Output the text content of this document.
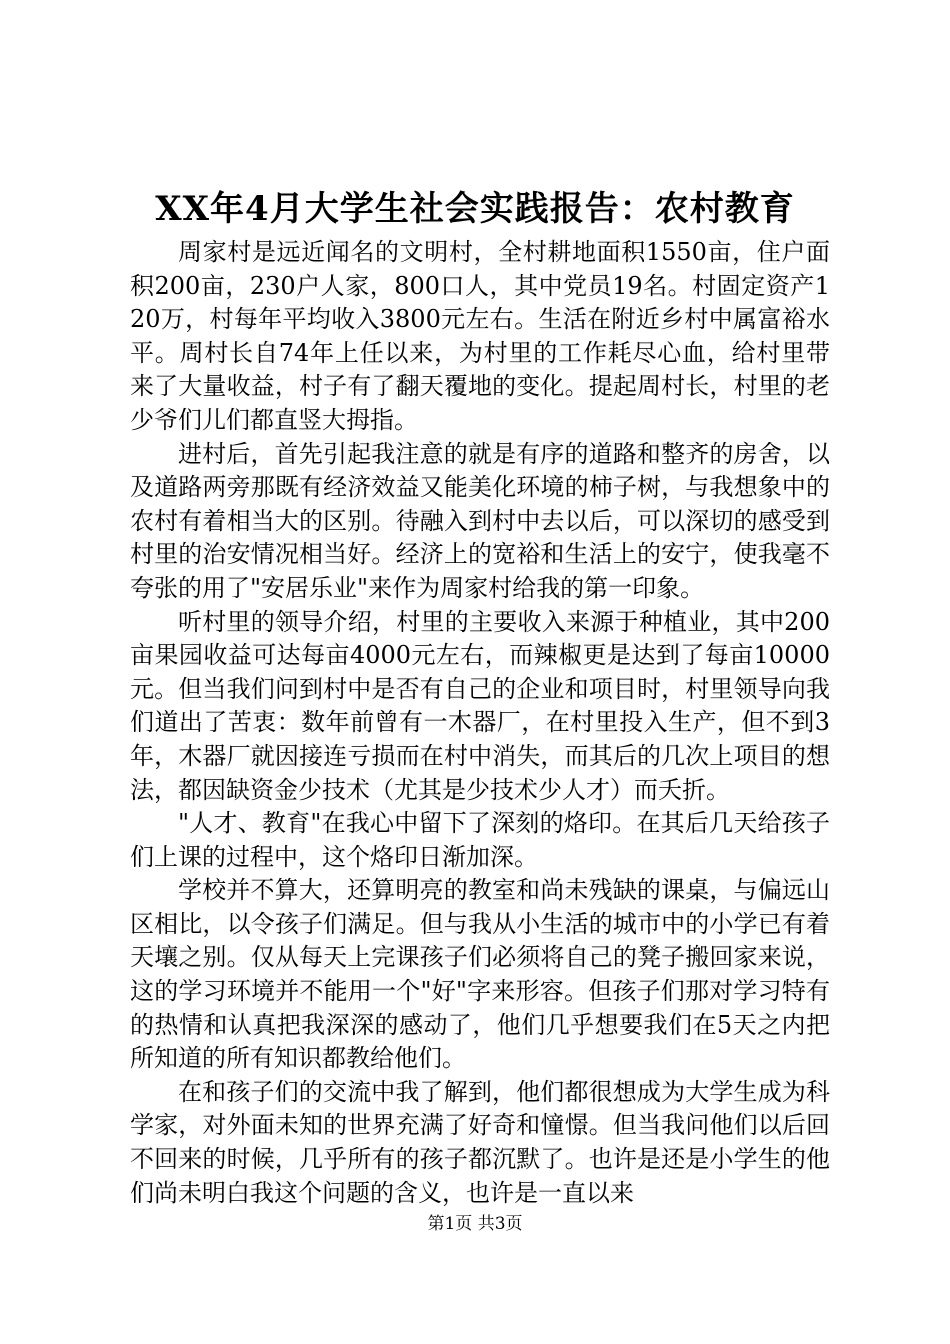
XX年4月大学生社会实践报告：农村教育

周家村是远近闻名的文明村，全村耕地面积1550亩，住户面积200亩，230户人家，800口人，其中党员19名。村固定资产120万，村每年平均收入3800元左右。生活在附近乡村中属富裕水平。周村长自74年上任以来，为村里的工作耗尽心血，给村里带来了大量收益，村子有了翻天覆地的变化。提起周村长，村里的老少爷们儿们都直竖大拇指。

进村后，首先引起我注意的就是有序的道路和整齐的房舍，以及道路两旁那既有经济效益又能美化环境的柿子树，与我想象中的农村有着相当大的区别。待融入到村中去以后，可以深切的感受到村里的治安情况相当好。经济上的宽裕和生活上的安宁，使我毫不夸张的用了"安居乐业"来作为周家村给我的第一印象。

听村里的领导介绍，村里的主要收入来源于种植业，其中200亩果园收益可达每亩4000元左右，而辣椒更是达到了每亩10000元。但当我们问到村中是否有自己的企业和项目时，村里领导向我们道出了苦衷：数年前曾有一木器厂，在村里投入生产，但不到3年，木器厂就因接连亏损而在村中消失，而其后的几次上项目的想法，都因缺资金少技术（尤其是少技术少人才）而夭折。

"人才、教育"在我心中留下了深刻的烙印。在其后几天给孩子们上课的过程中，这个烙印日渐加深。

学校并不算大，还算明亮的教室和尚未残缺的课桌，与偏远山区相比，以令孩子们满足。但与我从小生活的城市中的小学已有着天壤之别。仅从每天上完课孩子们必须将自己的凳子搬回家来说，这的学习环境并不能用一个"好"字来形容。但孩子们那对学习特有的热情和认真把我深深的感动了，他们几乎想要我们在5天之内把所知道的所有知识都教给他们。

在和孩子们的交流中我了解到，他们都很想成为大学生成为科学家，对外面未知的世界充满了好奇和憧憬。但当我问他们以后回不回来的时候，几乎所有的孩子都沉默了。也许是还是小学生的他们尚未明白我这个问题的含义，也许是一直以来

第1页 共3页
